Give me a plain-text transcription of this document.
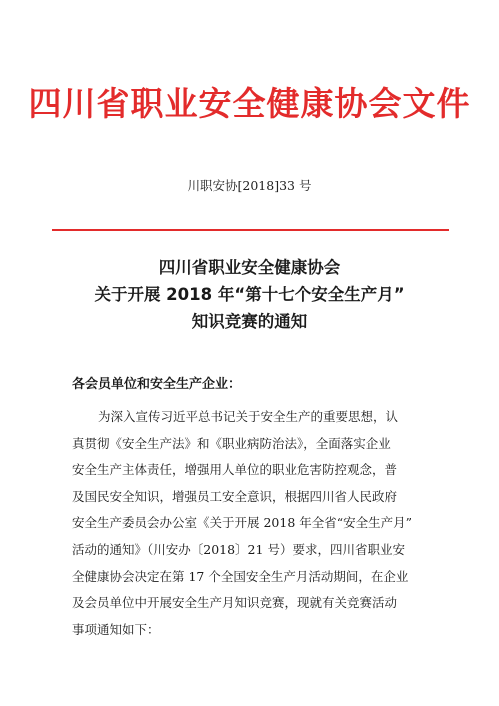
四川省职业安全健康协会文件
川职安协[2018]33 号
四川省职业安全健康协会
关于开展 2018 年“第十七个安全生产月”
知识竞赛的通知
各会员单位和安全生产企业：
为深入宣传习近平总书记关于安全生产的重要思想，认
真贯彻《安全生产法》和《职业病防治法》，全面落实企业
安全生产主体责任，增强用人单位的职业危害防控观念，普
及国民安全知识，增强员工安全意识，根据四川省人民政府
安全生产委员会办公室《关于开展 2018 年全省“安全生产月”
活动的通知》（川安办〔2018〕21 号）要求，四川省职业安
全健康协会决定在第 17 个全国安全生产月活动期间，在企业
及会员单位中开展安全生产月知识竞赛，现就有关竞赛活动
事项通知如下：
